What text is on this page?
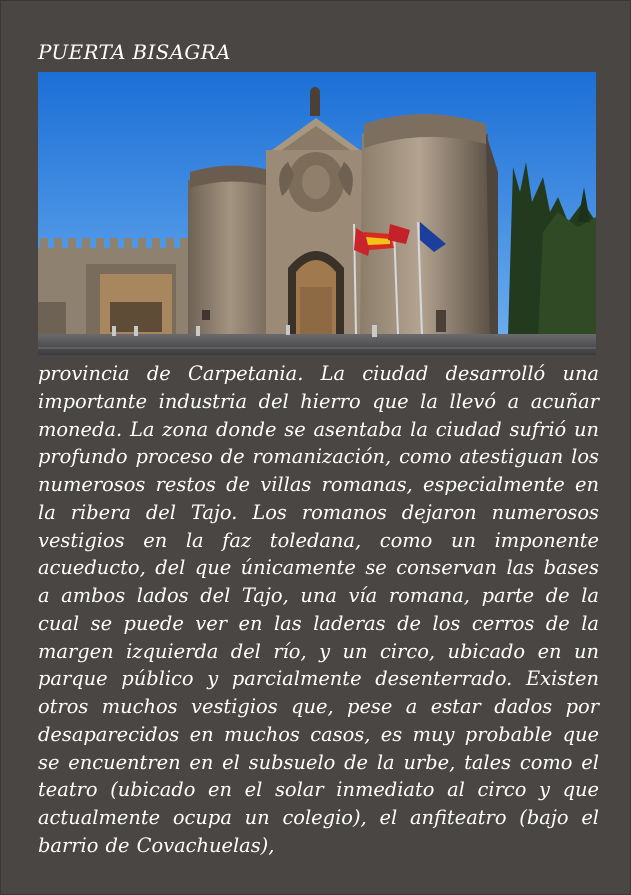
PUERTA BISAGRA
provincia de Carpetania. La ciudad desarrolló una importante industria del hierro que la llevó a acuñar moneda. La zona donde se asentaba la ciudad sufrió un profundo proceso de romanización, como atestiguan los numerosos restos de villas romanas, especialmente en la ribera del Tajo. Los romanos dejaron numerosos vestigios en la faz toledana, como un imponente acueducto, del que únicamente se conservan las bases a ambos lados del Tajo, una vía romana, parte de la cual se puede ver en las laderas de los cerros de la margen izquierda del río, y un circo, ubicado en un parque público y parcialmente desenterrado. Existen otros muchos vestigios que, pese a estar dados por desaparecidos en muchos casos, es muy probable que se encuentren en el subsuelo de la urbe, tales como el teatro (ubicado en el solar inmediato al circo y que actualmente ocupa un colegio), el anfiteatro (bajo el barrio de Covachuelas),
